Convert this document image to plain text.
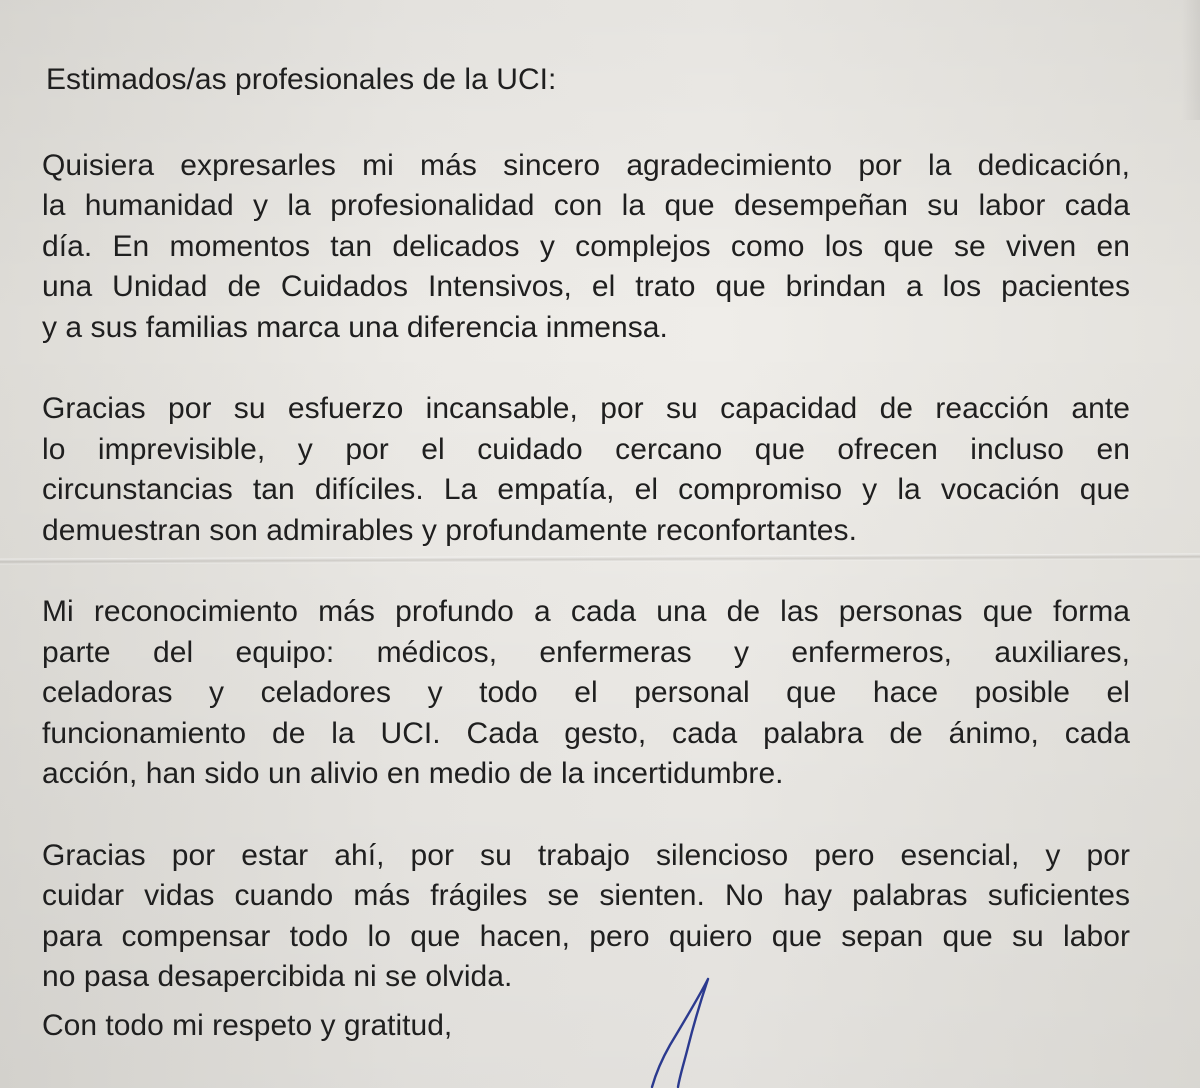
Estimados/as profesionales de la UCI:
Quisiera expresarles mi más sincero agradecimiento por la dedicación,
la humanidad y la profesionalidad con la que desempeñan su labor cada
día. En momentos tan delicados y complejos como los que se viven en
una Unidad de Cuidados Intensivos, el trato que brindan a los pacientes
y a sus familias marca una diferencia inmensa.
Gracias por su esfuerzo incansable, por su capacidad de reacción ante
lo imprevisible, y por el cuidado cercano que ofrecen incluso en
circunstancias tan difíciles. La empatía, el compromiso y la vocación que
demuestran son admirables y profundamente reconfortantes.
Mi reconocimiento más profundo a cada una de las personas que forma
parte del equipo: médicos, enfermeras y enfermeros, auxiliares,
celadoras y celadores y todo el personal que hace posible el
funcionamiento de la UCI. Cada gesto, cada palabra de ánimo, cada
acción, han sido un alivio en medio de la incertidumbre.
Gracias por estar ahí, por su trabajo silencioso pero esencial, y por
cuidar vidas cuando más frágiles se sienten. No hay palabras suficientes
para compensar todo lo que hacen, pero quiero que sepan que su labor
no pasa desapercibida ni se olvida.
Con todo mi respeto y gratitud,
